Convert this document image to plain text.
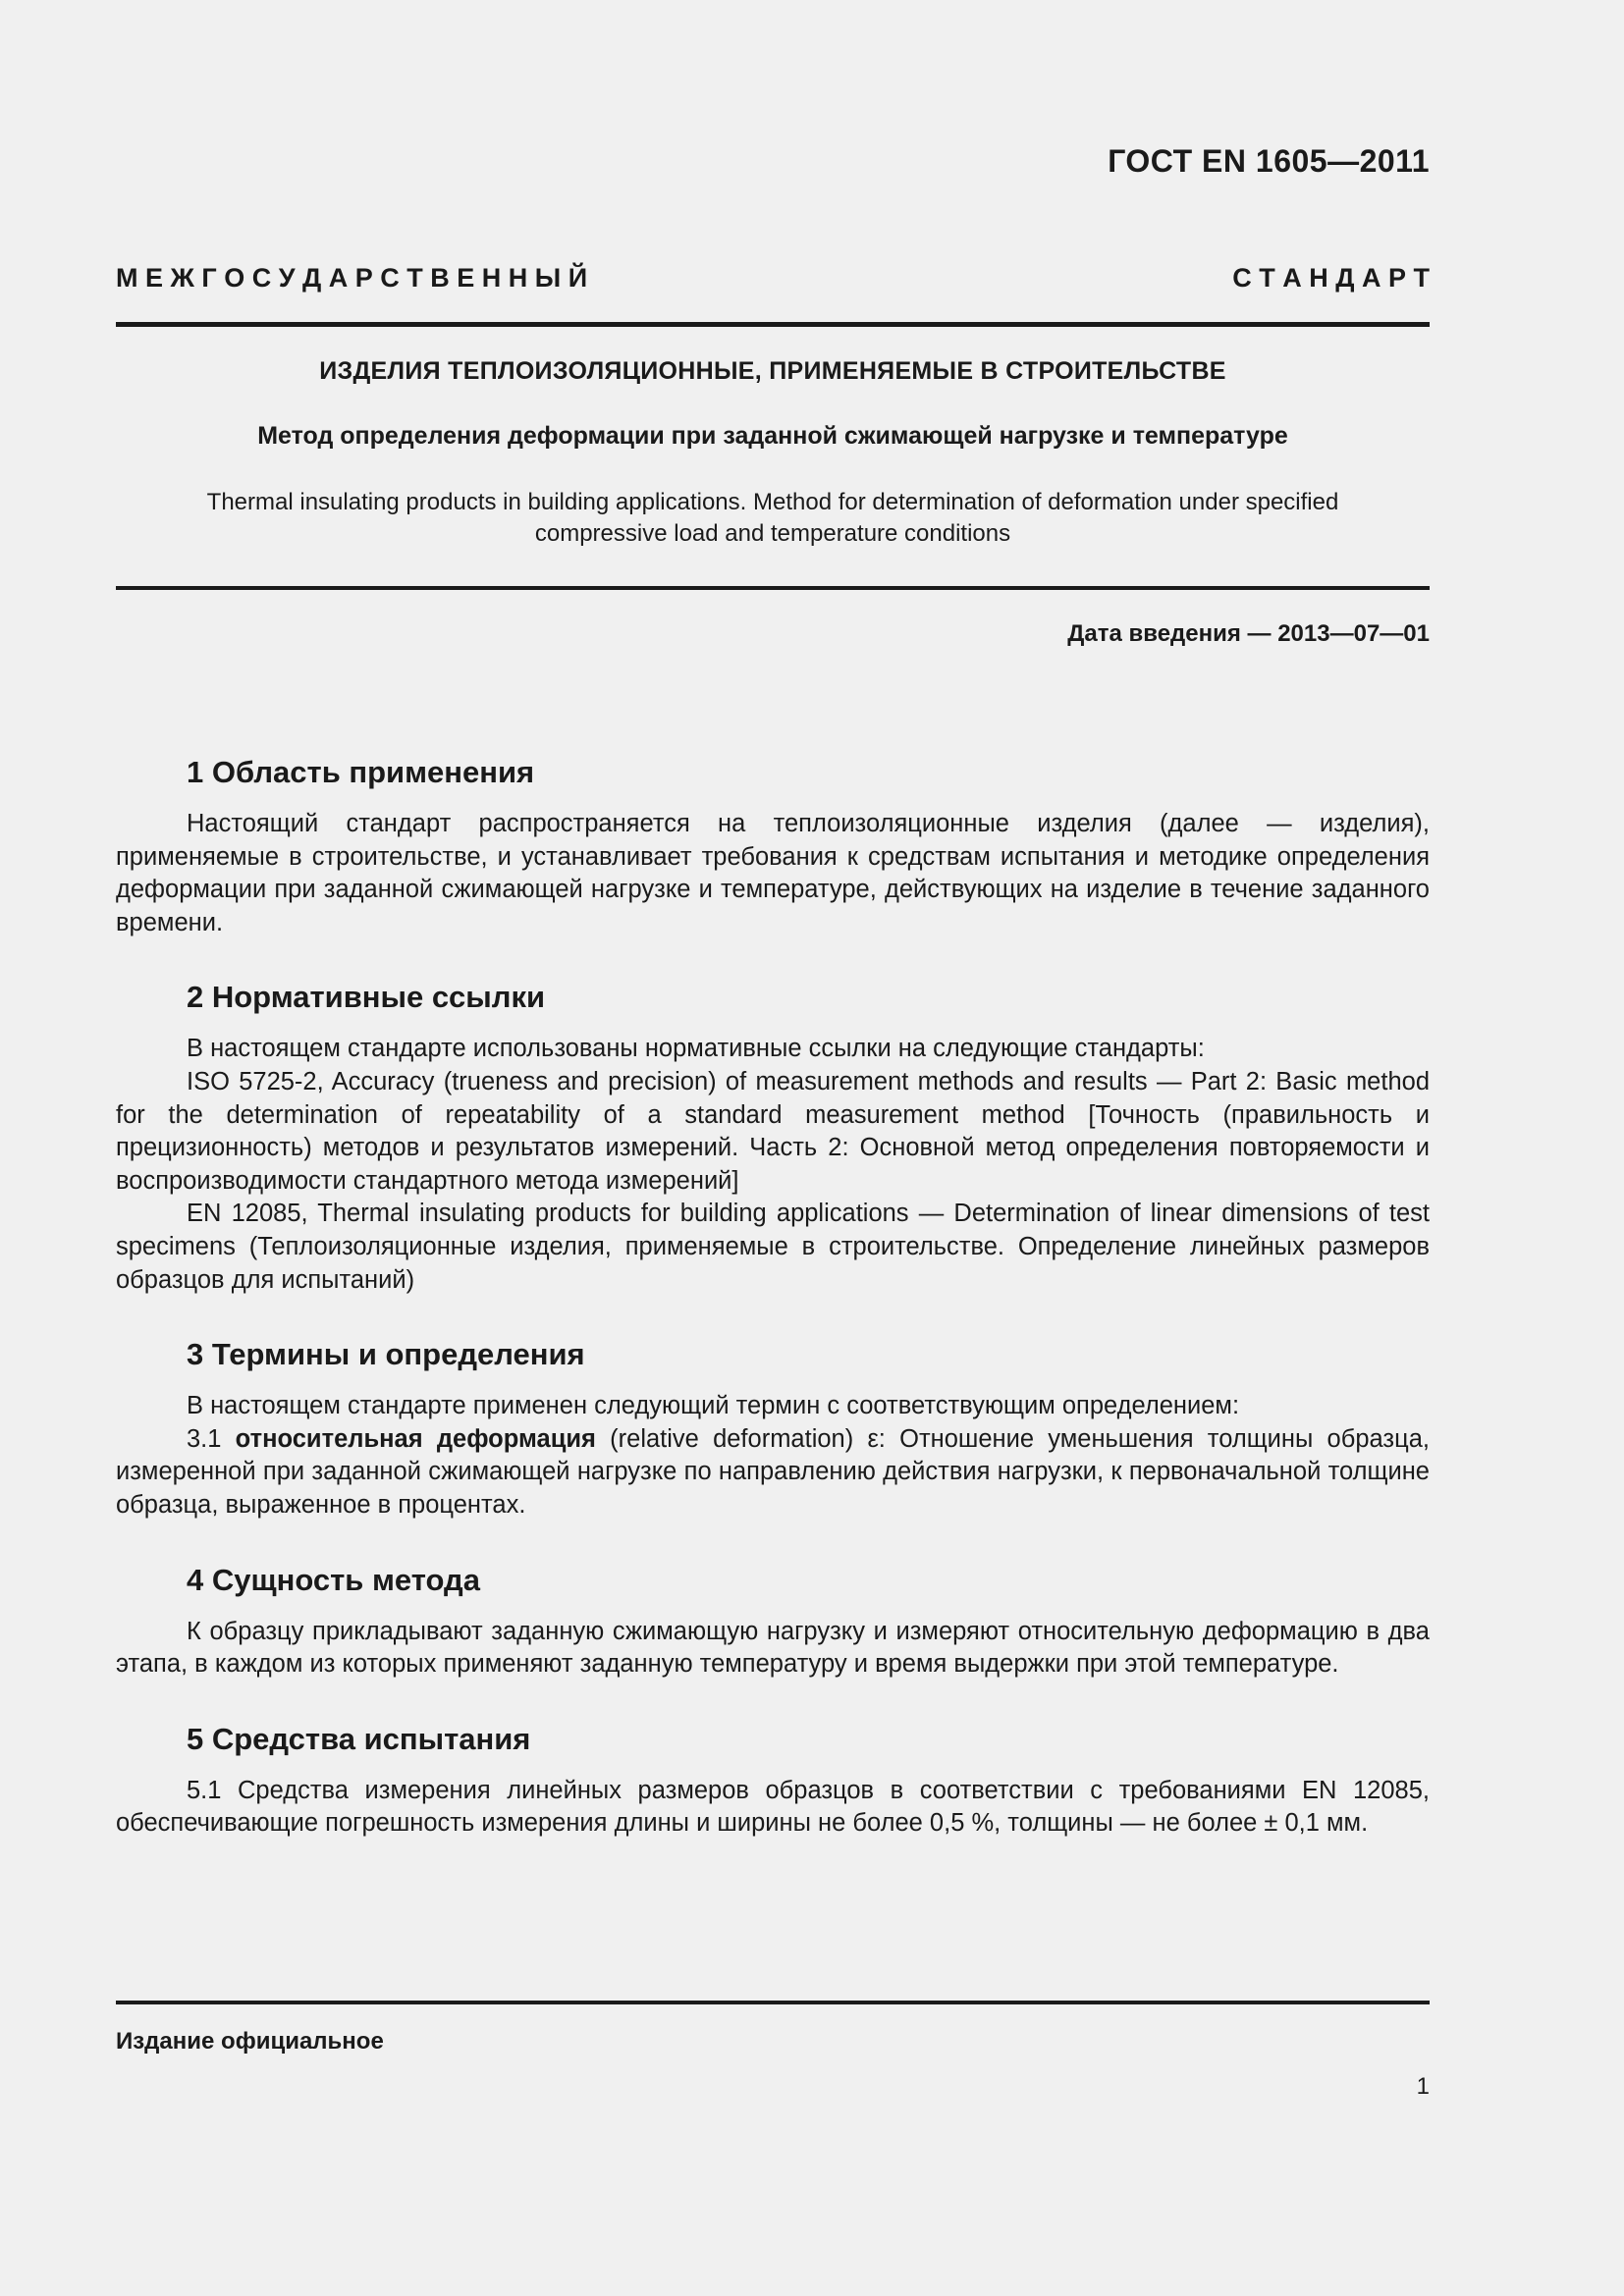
ГОСТ EN 1605—2011
М Е Ж Г О С У Д А Р С Т В Е Н Н Ы Й	С Т А Н Д А Р Т
ИЗДЕЛИЯ ТЕПЛОИЗОЛЯЦИОННЫЕ, ПРИМЕНЯЕМЫЕ В СТРОИТЕЛЬСТВЕ
Метод определения деформации при заданной сжимающей нагрузке и температуре
Thermal insulating products in building applications. Method for determination of deformation under specified compressive load and temperature conditions
Дата введения — 2013—07—01
1 Область применения

Настоящий стандарт распространяется на теплоизоляционные изделия (далее — изделия), применяемые в строительстве, и устанавливает требования к средствам испытания и методике определения деформации при заданной сжимающей нагрузке и температуре, действующих на изделие в течение заданного времени.

2 Нормативные ссылки

В настоящем стандарте использованы нормативные ссылки на следующие стандарты:

ISO 5725-2, Accuracy (trueness and precision) of measurement methods and results — Part 2: Basic method for the determination of repeatability of a standard measurement method [Точность (правильность и прецизионность) методов и результатов измерений. Часть 2: Основной метод определения повторяемости и воспроизводимости стандартного метода измерений]

EN 12085, Thermal insulating products for building applications — Determination of linear dimensions of test specimens (Теплоизоляционные изделия, применяемые в строительстве. Определение линейных размеров образцов для испытаний)

3 Термины и определения

В настоящем стандарте применен следующий термин с соответствующим определением:

3.1 относительная деформация (relative deformation) ε: Отношение уменьшения толщины образца, измеренной при заданной сжимающей нагрузке по направлению действия нагрузки, к первоначальной толщине образца, выраженное в процентах.

4 Сущность метода

К образцу прикладывают заданную сжимающую нагрузку и измеряют относительную деформацию в два этапа, в каждом из которых применяют заданную температуру и время выдержки при этой температуре.

5 Средства испытания

5.1 Средства измерения линейных размеров образцов в соответствии с требованиями EN 12085, обеспечивающие погрешность измерения длины и ширины не более 0,5 %, толщины — не более ± 0,1 мм.

Издание официальное
1
